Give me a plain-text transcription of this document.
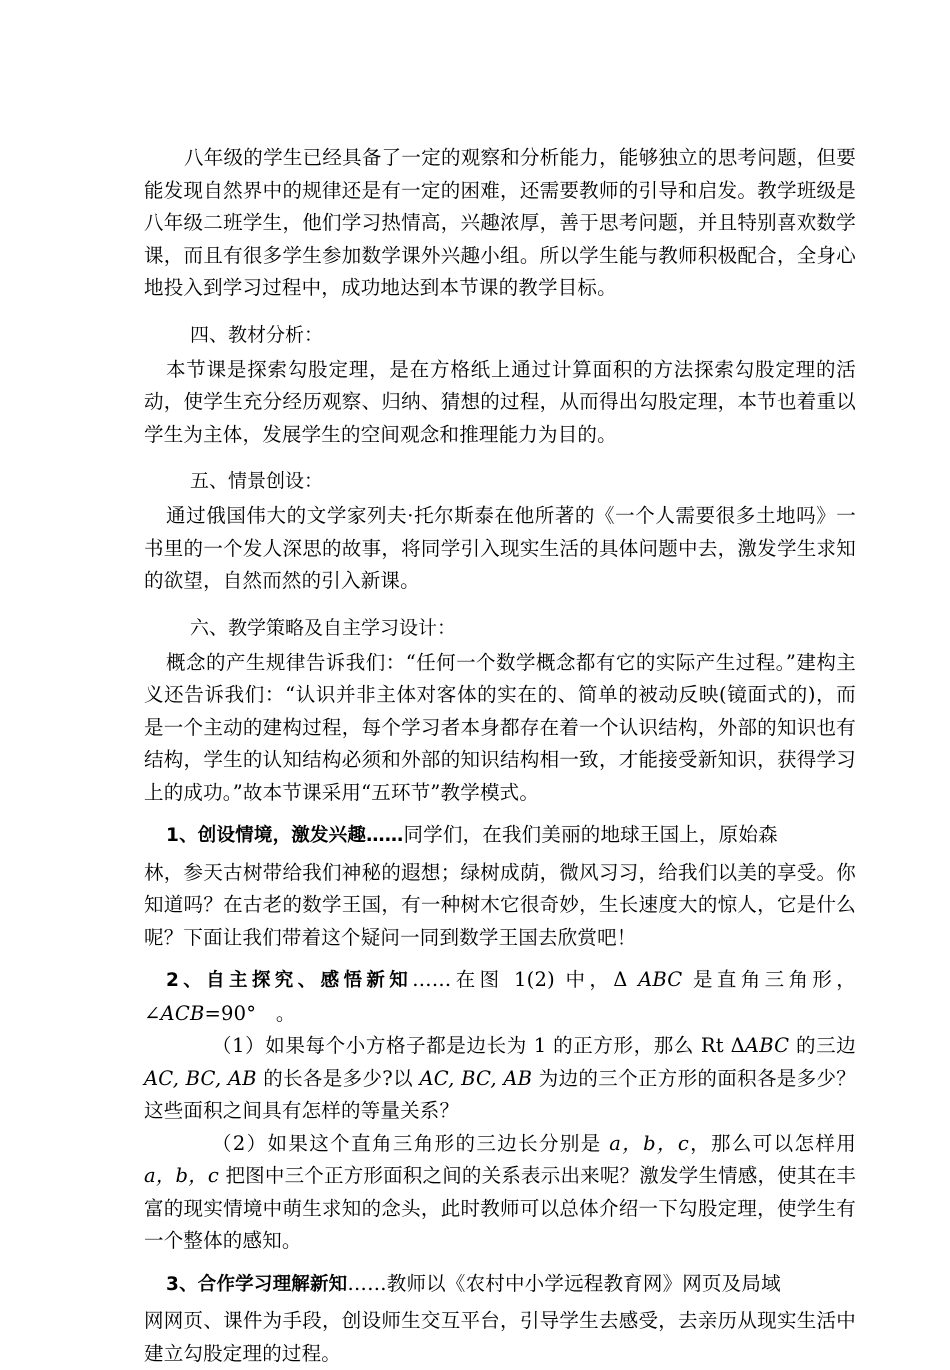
八年级的学生已经具备了一定的观察和分析能力，能够独立的思考问题，但要能发现自然界中的规律还是有一定的困难，还需要教师的引导和启发。教学班级是八年级二班学生，他们学习热情高，兴趣浓厚，善于思考问题，并且特别喜欢数学课，而且有很多学生参加数学课外兴趣小组。所以学生能与教师积极配合，全身心地投入到学习过程中，成功地达到本节课的教学目标。

四、教材分析：

本节课是探索勾股定理，是在方格纸上通过计算面积的方法探索勾股定理的活动，使学生充分经历观察、归纳、猜想的过程，从而得出勾股定理，本节也着重以学生为主体，发展学生的空间观念和推理能力为目的。

五、情景创设：

通过俄国伟大的文学家列夫·托尔斯泰在他所著的《一个人需要很多土地吗》一书里的一个发人深思的故事，将同学引入现实生活的具体问题中去，激发学生求知的欲望，自然而然的引入新课。

六、教学策略及自主学习设计：

概念的产生规律告诉我们：“任何一个数学概念都有它的实际产生过程。”建构主义还告诉我们：“认识并非主体对客体的实在的、简单的被动反映(镜面式的)，而是一个主动的建构过程，每个学习者本身都存在着一个认识结构，外部的知识也有结构，学生的认知结构必须和外部的知识结构相一致，才能接受新知识，获得学习上的成功。”故本节课采用“五环节”教学模式。

1、创设情境，激发兴趣……同学们，在我们美丽的地球王国上，原始森

林，参天古树带给我们神秘的遐想；绿树成荫，微风习习，给我们以美的享受。你知道吗？在古老的数学王国，有一种树木它很奇妙，生长速度大的惊人，它是什么呢？下面让我们带着这个疑问一同到数学王国去欣赏吧！

2、自主探究、感悟新知……在图 1(2) 中，Δ ABC 是直角三角形，∠ACB=90°　。

（1）如果每个小方格子都是边长为 1 的正方形，那么 Rt ΔABC 的三边 AC, BC, AB 的长各是多少?以 AC, BC, AB 为边的三个正方形的面积各是多少？这些面积之间具有怎样的等量关系？

（2）如果这个直角三角形的三边长分别是 a，b，c，那么可以怎样用 a，b，c 把图中三个正方形面积之间的关系表示出来呢？激发学生情感，使其在丰富的现实情境中萌生求知的念头，此时教师可以总体介绍一下勾股定理，使学生有一个整体的感知。

3、合作学习理解新知……教师以《农村中小学远程教育网》网页及局域

网网页、课件为手段，创设师生交互平台，引导学生去感受，去亲历从现实生活中建立勾股定理的过程。
